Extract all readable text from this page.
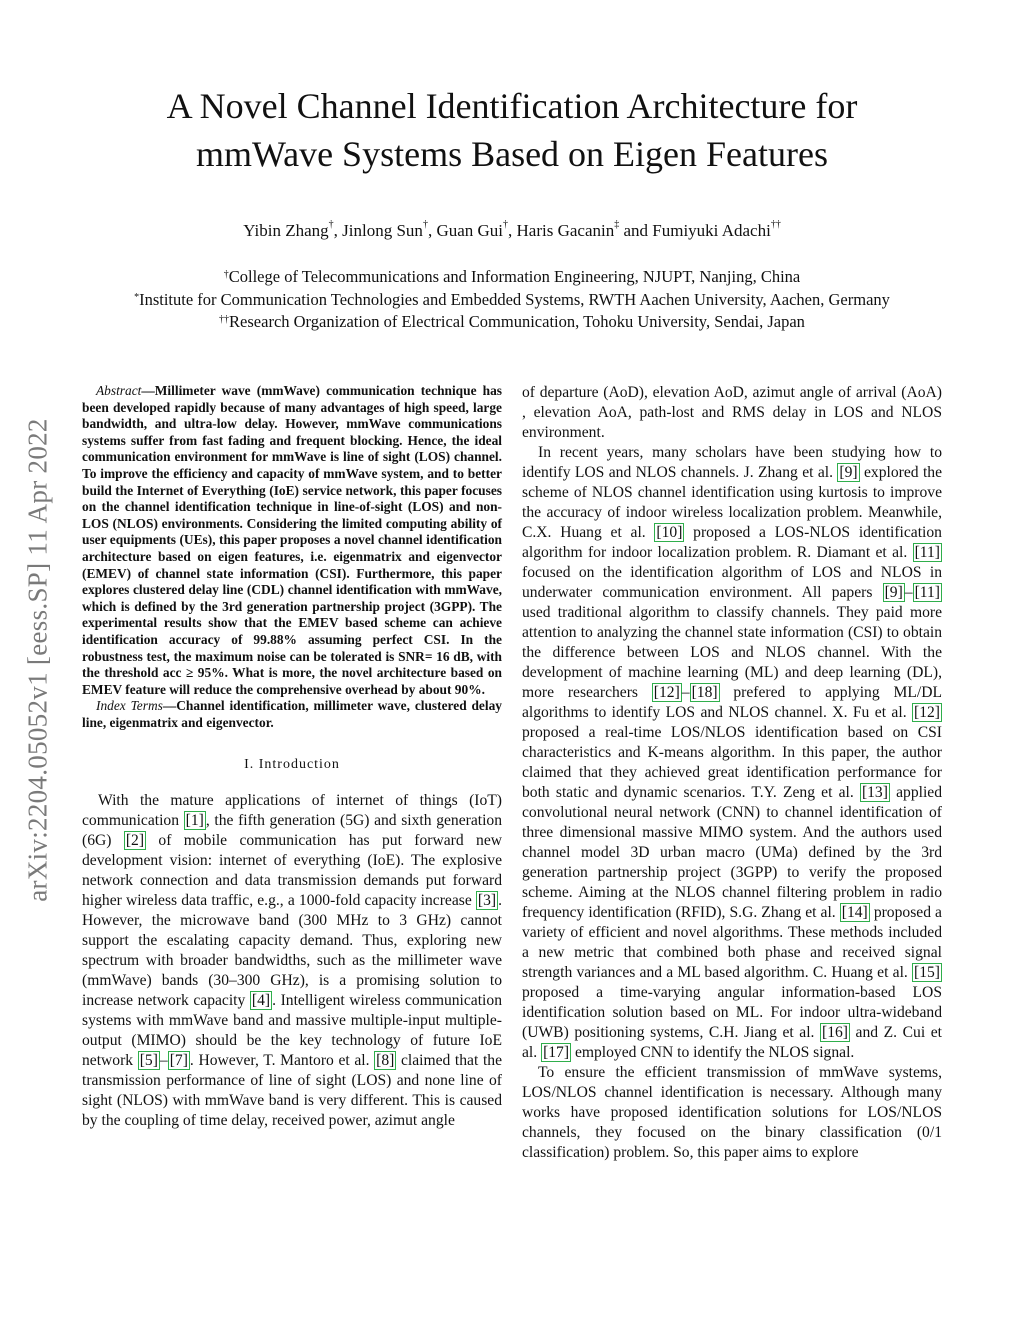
arXiv:2204.05052v1 [eess.SP] 11 Apr 2022
A Novel Channel Identification Architecture for
mmWave Systems Based on Eigen Features
Yibin Zhang†, Jinlong Sun†, Guan Gui†, Haris Gacanin‡ and Fumiyuki Adachi††
†College of Telecommunications and Information Engineering, NJUPT, Nanjing, China
*Institute for Communication Technologies and Embedded Systems, RWTH Aachen University, Aachen, Germany
††Research Organization of Electrical Communication, Tohoku University, Sendai, Japan

Abstract—Millimeter wave (mmWave) communication technique has been developed rapidly because of many advantages of high speed, large bandwidth, and ultra-low delay. However, mmWave communications systems suffer from fast fading and frequent blocking. Hence, the ideal communication environment for mmWave is line of sight (LOS) channel. To improve the efficiency and capacity of mmWave system, and to better build the Internet of Everything (IoE) service network, this paper focuses on the channel identification technique in line-of-sight (LOS) and non-LOS (NLOS) environments. Considering the limited computing ability of user equipments (UEs), this paper proposes a novel channel identification architecture based on eigen features, i.e. eigenmatrix and eigenvector (EMEV) of channel state information (CSI). Furthermore, this paper explores clustered delay line (CDL) channel identification with mmWave, which is defined by the 3rd generation partnership project (3GPP). The experimental results show that the EMEV based scheme can achieve identification accuracy of 99.88% assuming perfect CSI. In the robustness test, the maximum noise can be tolerated is SNR= 16 dB, with the threshold acc ≥ 95%. What is more, the novel architecture based on EMEV feature will reduce the comprehensive overhead by about 90%.

Index Terms—Channel identification, millimeter wave, clustered delay line, eigenmatrix and eigenvector.

I. Introduction

With the mature applications of internet of things (IoT) communication [1] , the fifth generation (5G) and sixth generation (6G) [2] of mobile communication has put forward new development vision: internet of everything (IoE). The explosive network connection and data transmission demands put forward higher wireless data traffic, e.g., a 1000-fold capacity increase [3] . However, the microwave band (300 MHz to 3 GHz) cannot support the escalating capacity demand. Thus, exploring new spectrum with broader bandwidths, such as the millimeter wave (mmWave) bands (30–300 GHz), is a promising solution to increase network capacity [4] . Intelligent wireless communication systems with mmWave band and massive multiple-input multiple-output (MIMO) should be the key technology of future IoE network [5] – [7] . However, T. Mantoro et al. [8] claimed that the transmission performance of line of sight (LOS) and none line of sight (NLOS) with mmWave band is very different. This is caused by the coupling of time delay, received power, azimut angle

of departure (AoD), elevation AoD, azimut angle of arrival (AoA) , elevation AoA, path-lost and RMS delay in LOS and NLOS environment.

In recent years, many scholars have been studying how to identify LOS and NLOS channels. J. Zhang et al. [9] explored the scheme of NLOS channel identification using kurtosis to improve the accuracy of indoor wireless localization problem. Meanwhile, C.X. Huang et al. [10] proposed a LOS-NLOS identification algorithm for indoor localization problem. R. Diamant et al. [11] focused on the identification algorithm of LOS and NLOS in underwater communication environment. All papers [9] – [11] used traditional algorithm to classify channels. They paid more attention to analyzing the channel state information (CSI) to obtain the difference between LOS and NLOS channel. With the development of machine learning (ML) and deep learning (DL), more researchers [12] – [18] prefered to applying ML/DL algorithms to identify LOS and NLOS channel. X. Fu et al. [12] proposed a real-time LOS/NLOS identification based on CSI characteristics and K-means algorithm. In this paper, the author claimed that they achieved great identification performance for both static and dynamic scenarios. T.Y. Zeng et al. [13] applied convolutional neural network (CNN) to channel identification of three dimensional massive MIMO system. And the authors used channel model 3D urban macro (UMa) defined by the 3rd generation partnership project (3GPP) to verify the proposed scheme. Aiming at the NLOS channel filtering problem in radio frequency identification (RFID), S.G. Zhang et al. [14] proposed a variety of efficient and novel algorithms. These methods included a new metric that combined both phase and received signal strength variances and a ML based algorithm. C. Huang et al. [15] proposed a time-varying angular information-based LOS identification solution based on ML. For indoor ultra-wideband (UWB) positioning systems, C.H. Jiang et al. [16] and Z. Cui et al. [17] employed CNN to identify the NLOS signal.

To ensure the efficient transmission of mmWave systems, LOS/NLOS channel identification is necessary. Although many works have proposed identification solutions for LOS/NLOS channels, they focused on the binary classification (0/1 classification) problem. So, this paper aims to explore
